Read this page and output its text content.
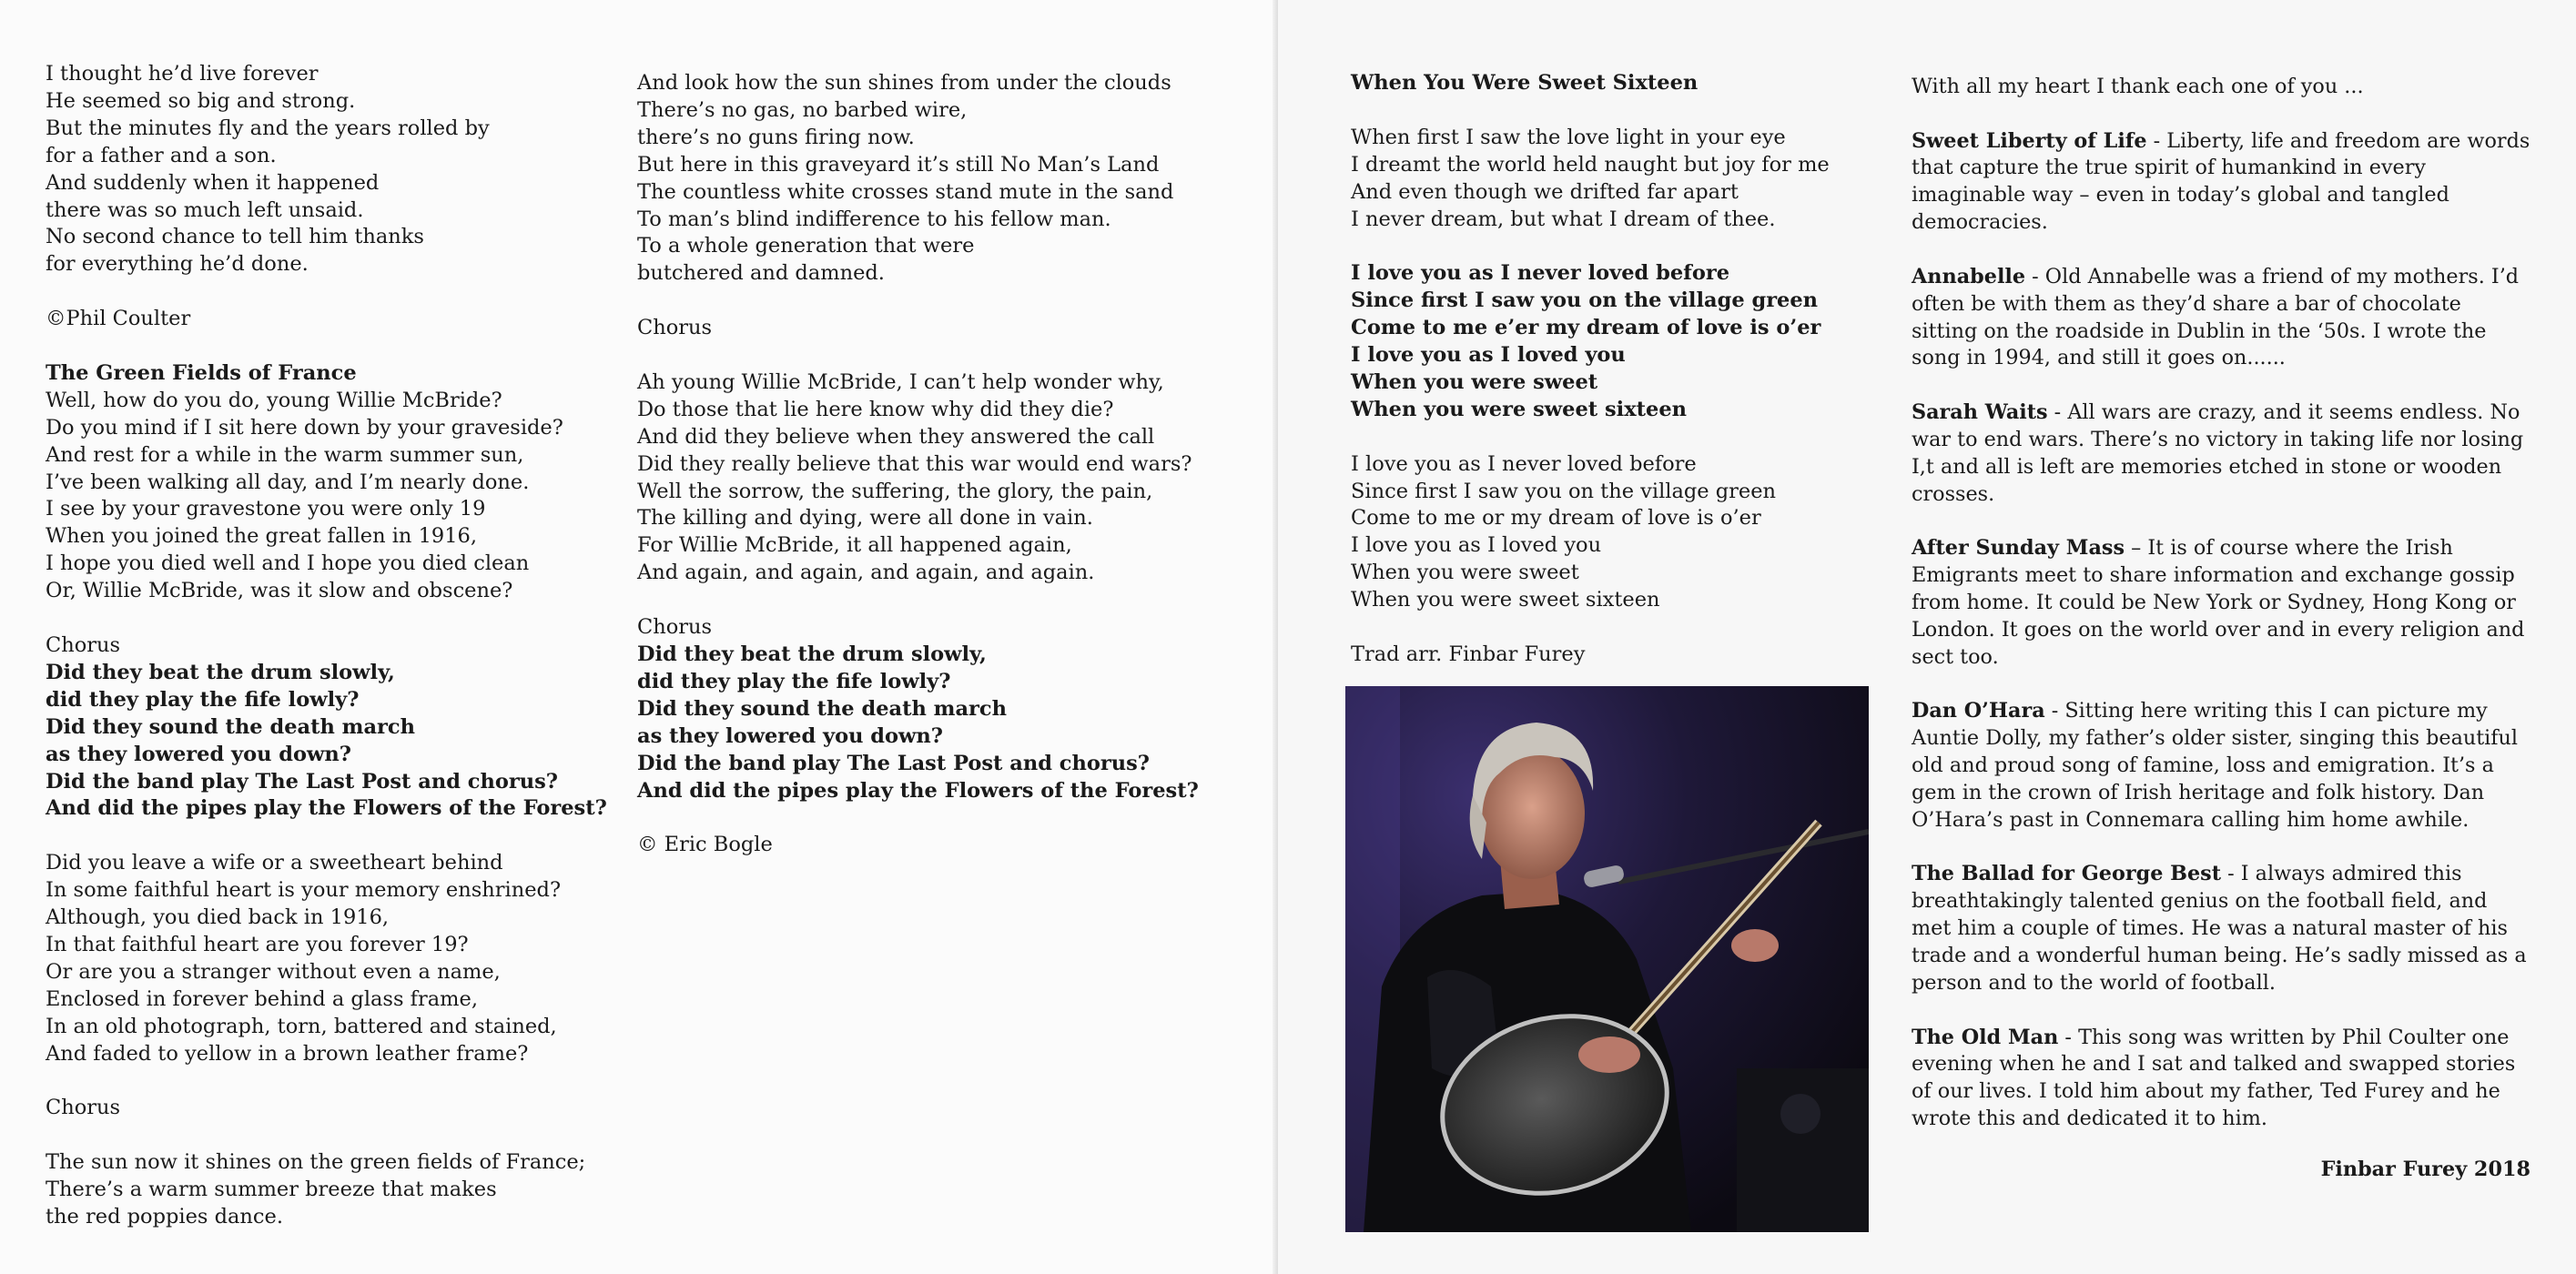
I thought he’d live forever

He seemed so big and strong.

But the minutes fly and the years rolled by

for a father and a son.

And suddenly when it happened

there was so much left unsaid.

No second chance to tell him thanks

for everything he’d done.

©Phil Coulter

The Green Fields of France

Well, how do you do, young Willie McBride?

Do you mind if I sit here down by your graveside?

And rest for a while in the warm summer sun,

I’ve been walking all day, and I’m nearly done.

I see by your gravestone you were only 19

When you joined the great fallen in 1916,

I hope you died well and I hope you died clean

Or, Willie McBride, was it slow and obscene?

Chorus

Did they beat the drum slowly,

did they play the fife lowly?

Did they sound the death march

as they lowered you down?

Did the band play The Last Post and chorus?

And did the pipes play the Flowers of the Forest?

Did you leave a wife or a sweetheart behind

In some faithful heart is your memory enshrined?

Although, you died back in 1916,

In that faithful heart are you forever 19?

Or are you a stranger without even a name,

Enclosed in forever behind a glass frame,

In an old photograph, torn, battered and stained,

And faded to yellow in a brown leather frame?

Chorus

The sun now it shines on the green fields of France;

There’s a warm summer breeze that makes

the red poppies dance.

And look how the sun shines from under the clouds

There’s no gas, no barbed wire,

there’s no guns firing now.

But here in this graveyard it’s still No Man’s Land

The countless white crosses stand mute in the sand

To man’s blind indifference to his fellow man.

To a whole generation that were

butchered and damned.

Chorus

Ah young Willie McBride, I can’t help wonder why,

Do those that lie here know why did they die?

And did they believe when they answered the call

Did they really believe that this war would end wars?

Well the sorrow, the suffering, the glory, the pain,

The killing and dying, were all done in vain.

For Willie McBride, it all happened again,

And again, and again, and again, and again.

Chorus

Did they beat the drum slowly,

did they play the fife lowly?

Did they sound the death march

as they lowered you down?

Did the band play The Last Post and chorus?

And did the pipes play the Flowers of the Forest?

© Eric Bogle

When You Were Sweet Sixteen

When first I saw the love light in your eye

I dreamt the world held naught but joy for me

And even though we drifted far apart

I never dream, but what I dream of thee.

I love you as I never loved before

Since first I saw you on the village green

Come to me e’er my dream of love is o’er

I love you as I loved you

When you were sweet

When you were sweet sixteen

I love you as I never loved before

Since first I saw you on the village green

Come to me or my dream of love is o’er

I love you as I loved you

When you were sweet

When you were sweet sixteen

Trad arr. Finbar Furey

With all my heart I thank each one of you ...

Sweet Liberty of Life - Liberty, life and freedom are words that capture the true spirit of humankind in every imaginable way – even in today’s global and tangled democracies.

Annabelle - Old Annabelle was a friend of my mothers. I’d often be with them as they’d share a bar of chocolate sitting on the roadside in Dublin in the ‘50s. I wrote the song in 1994, and still it goes on......

Sarah Waits - All wars are crazy, and it seems endless. No war to end wars. There’s no victory in taking life nor losing I,t and all is left are memories etched in stone or wooden crosses.

After Sunday Mass – It is of course where the Irish Emigrants meet to share information and exchange gossip from home. It could be New York or Sydney, Hong Kong or London. It goes on the world over and in every religion and sect too.

Dan O’Hara - Sitting here writing this I can picture my Auntie Dolly, my father’s older sister, singing this beautiful old and proud song of famine, loss and emigration. It’s a gem in the crown of Irish heritage and folk history. Dan O’Hara’s past in Connemara calling him home awhile.

The Ballad for George Best - I always admired this breathtakingly talented genius on the football field, and met him a couple of times. He was a natural master of his trade and a wonderful human being. He’s sadly missed as a person and to the world of football.

The Old Man - This song was written by Phil Coulter one evening when he and I sat and talked and swapped stories of our lives. I told him about my father, Ted Furey and he wrote this and dedicated it to him.

Finbar Furey 2018
